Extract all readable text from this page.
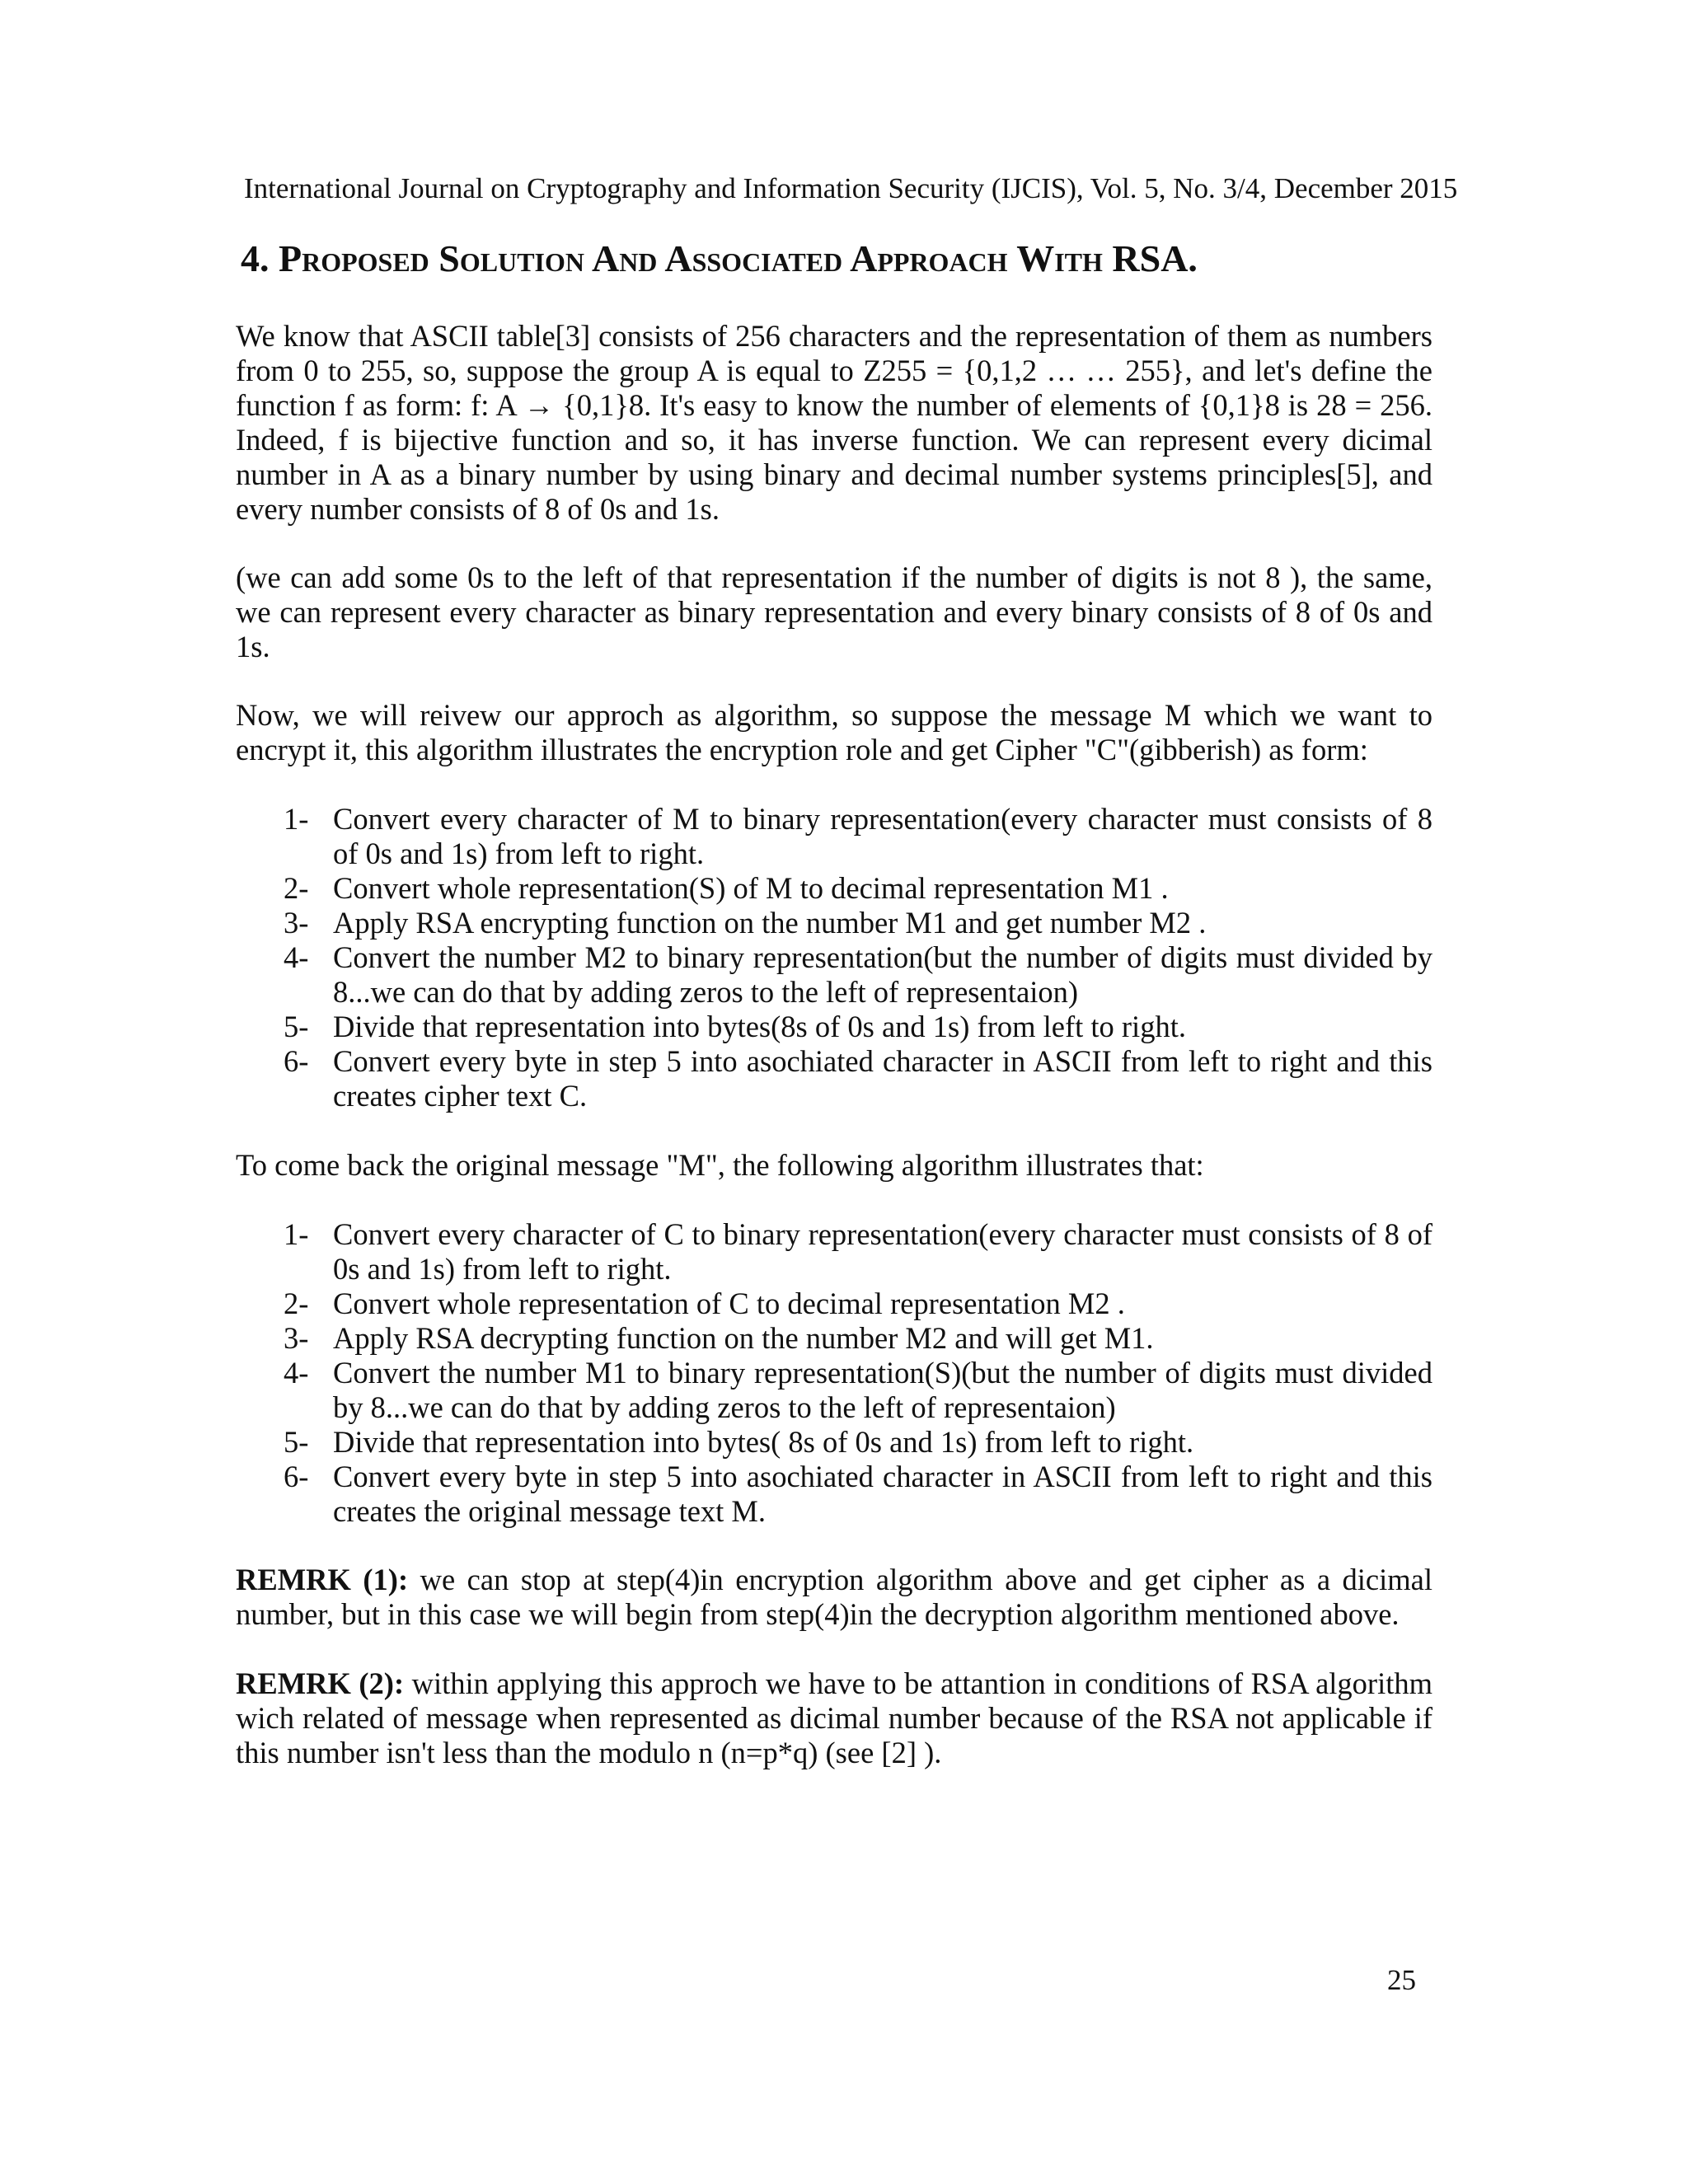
International Journal on Cryptography and Information Security (IJCIS), Vol. 5, No. 3/4, December 2015
4. Proposed Solution And Associated Approach With RSA.

We know that ASCII table[3] consists of 256 characters and the representation of them as numbers from 0 to 255, so, suppose the group A is equal to Z255 = {0,1,2 … … 255}, and let's define the function f as form: f: A → {0,1}8. It's easy to know the number of elements of {0,1}8 is 28 = 256. Indeed, f is bijective function and so, it has inverse function. We can represent every dicimal number in A as a binary number by using binary and decimal number systems principles[5], and every number consists of 8 of 0s and 1s.

(we can add some 0s to the left of that representation if the number of digits is not 8 ), the same, we can represent every character as binary representation and every binary consists of 8 of 0s and 1s.

Now, we will reivew our approch as algorithm, so suppose the message M which we want to encrypt it, this algorithm illustrates the encryption role and get Cipher "C"(gibberish) as form:

1- Convert every character of M to binary representation(every character must consists of 8 of 0s and 1s) from left to right.
2- Convert whole representation(S) of M to decimal representation M1 .
3- Apply RSA encrypting function on the number M1 and get number M2 .
4- Convert the number M2 to binary representation(but the number of digits must divided by 8...we can do that by adding zeros to the left of representaion)
5- Divide that representation into bytes(8s of 0s and 1s) from left to right.
6- Convert every byte in step 5 into asochiated character in ASCII from left to right and this creates cipher text C.

To come back the original message "M", the following algorithm illustrates that:

1- Convert every character of C to binary representation(every character must consists of 8 of 0s and 1s) from left to right.
2- Convert whole representation of C to decimal representation M2 .
3- Apply RSA decrypting function on the number M2 and will get M1.
4- Convert the number M1 to binary representation(S)(but the number of digits must divided by 8...we can do that by adding zeros to the left of representaion)
5- Divide that representation into bytes( 8s of 0s and 1s) from left to right.
6- Convert every byte in step 5 into asochiated character in ASCII from left to right and this creates the original message text M.

REMRK (1): we can stop at step(4)in encryption algorithm above and get cipher as a dicimal number, but in this case we will begin from step(4)in the decryption algorithm mentioned above.

REMRK (2): within applying this approch we have to be attantion in conditions of RSA algorithm wich related of message when represented as dicimal number because of the RSA not applicable if this number isn't less than the modulo n (n=p*q) (see [2] ).

25
